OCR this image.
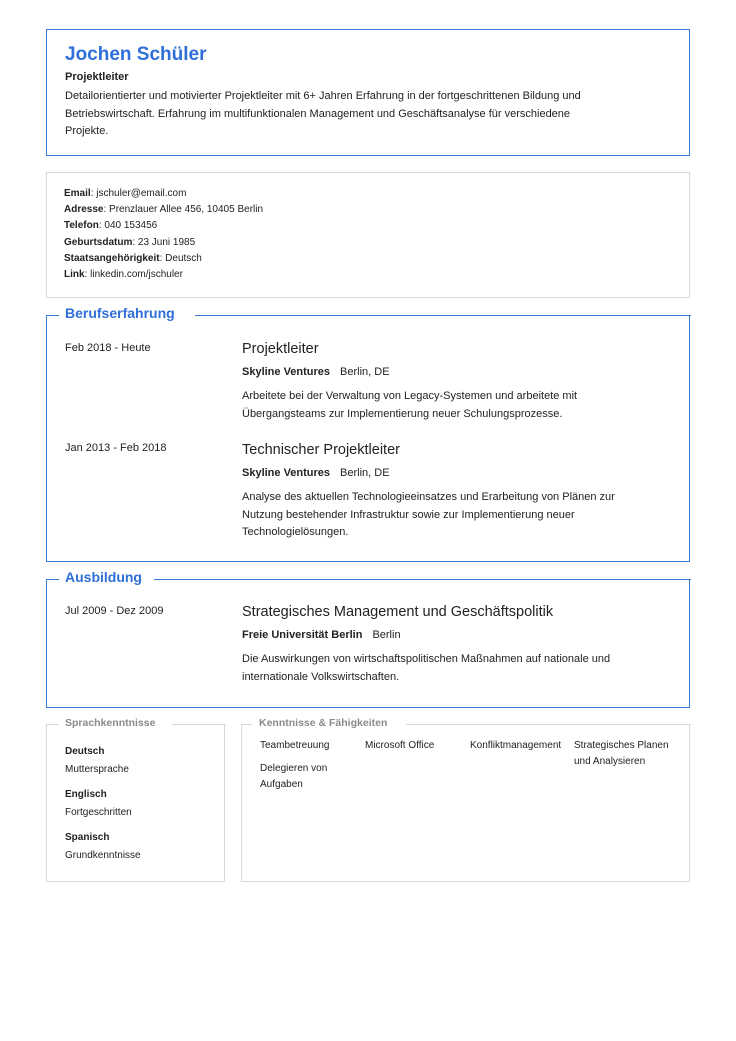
Jochen Schüler
Projektleiter
Detailorientierter und motivierter Projektleiter mit 6+ Jahren Erfahrung in der fortgeschrittenen Bildung und Betriebswirtschaft. Erfahrung im multifunktionalen Management und Geschäftsanalyse für verschiedene Projekte.
Email: jschuler@email.com
Adresse: Prenzlauer Allee 456, 10405 Berlin
Telefon: 040 153456
Geburtsdatum: 23 Juni 1985
Staatsangehörigkeit: Deutsch
Link: linkedin.com/jschuler
Berufserfahrung
Feb 2018 - Heute	Projektleiter
Skyline Ventures Berlin, DE
Arbeitete bei der Verwaltung von Legacy-Systemen und arbeitete mit Übergangsteams zur Implementierung neuer Schulungsprozesse.
Jan 2013 - Feb 2018	Technischer Projektleiter
Skyline Ventures Berlin, DE
Analyse des aktuellen Technologieeinsatzes und Erarbeitung von Plänen zur Nutzung bestehender Infrastruktur sowie zur Implementierung neuer Technologielösungen.
Ausbildung
Jul 2009 - Dez 2009	Strategisches Management und Geschäftspolitik
Freie Universität Berlin Berlin
Die Auswirkungen von wirtschaftspolitischen Maßnahmen auf nationale und internationale Volkswirtschaften.
Sprachkenntnisse
Deutsch
Muttersprache
Englisch
Fortgeschritten
Spanisch
Grundkenntnisse
Kenntnisse & Fähigkeiten
Teambetreuung	Microsoft Office	Konfliktmanagement	Strategisches Planen und Analysieren
Delegieren von Aufgaben
